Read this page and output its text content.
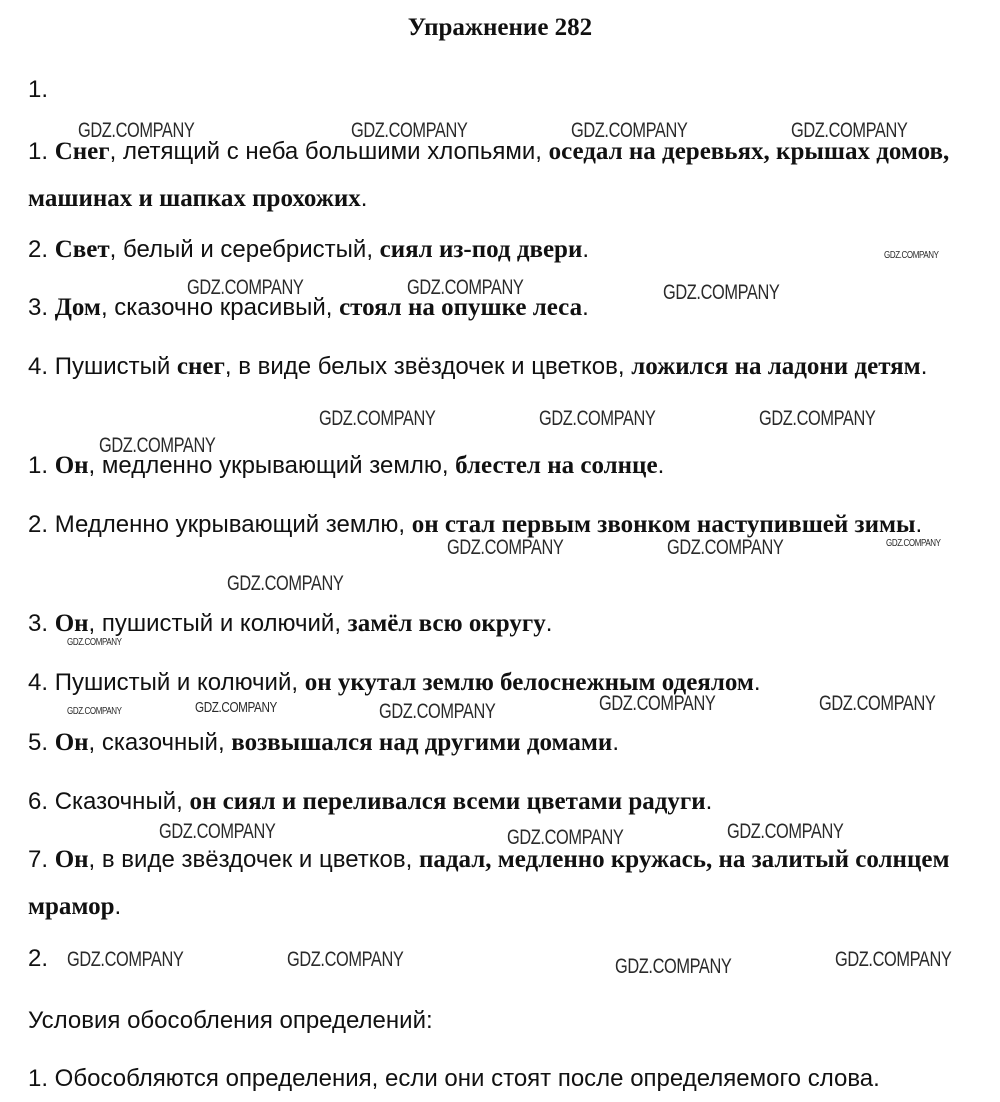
Упражнение 282
1.
1. Снег, летящий с неба большими хлопьями, оседал на деревьях, крышах домов, машинах и шапках прохожих.
2. Свет, белый и серебристый, сиял из-под двери.
3. Дом, сказочно красивый, стоял на опушке леса.
4. Пушистый снег, в виде белых звёздочек и цветков, ложился на ладони детям.
1. Он, медленно укрывающий землю, блестел на солнце.
2. Медленно укрывающий землю, он стал первым звонком наступившей зимы.
3. Он, пушистый и колючий, замёл всю округу.
4. Пушистый и колючий, он укутал землю белоснежным одеялом.
5. Он, сказочный, возвышался над другими домами.
6. Сказочный, он сиял и переливался всеми цветами радуги.
7. Он, в виде звёздочек и цветков, падал, медленно кружась, на залитый солнцем мрамор.
2.
Условия обособления определений:
1. Обособляются определения, если они стоят после определяемого слова.
GDZ.COMPANY	GDZ.COMPANY	GDZ.COMPANY	GDZ.COMPANY
GDZ.COMPANY
GDZ.COMPANY	GDZ.COMPANY	GDZ.COMPANY
GDZ.COMPANY	GDZ.COMPANY	GDZ.COMPANY
GDZ.COMPANY
GDZ.COMPANY	GDZ.COMPANY	GDZ.COMPANY
GDZ.COMPANY
GDZ.COMPANY
GDZ.COMPANY	GDZ.COMPANY
GDZ.COMPANY	GDZ.COMPANY	GDZ.COMPANY
GDZ.COMPANY	GDZ.COMPANY	GDZ.COMPANY
GDZ.COMPANY	GDZ.COMPANY	GDZ.COMPANY	GDZ.COMPANY
